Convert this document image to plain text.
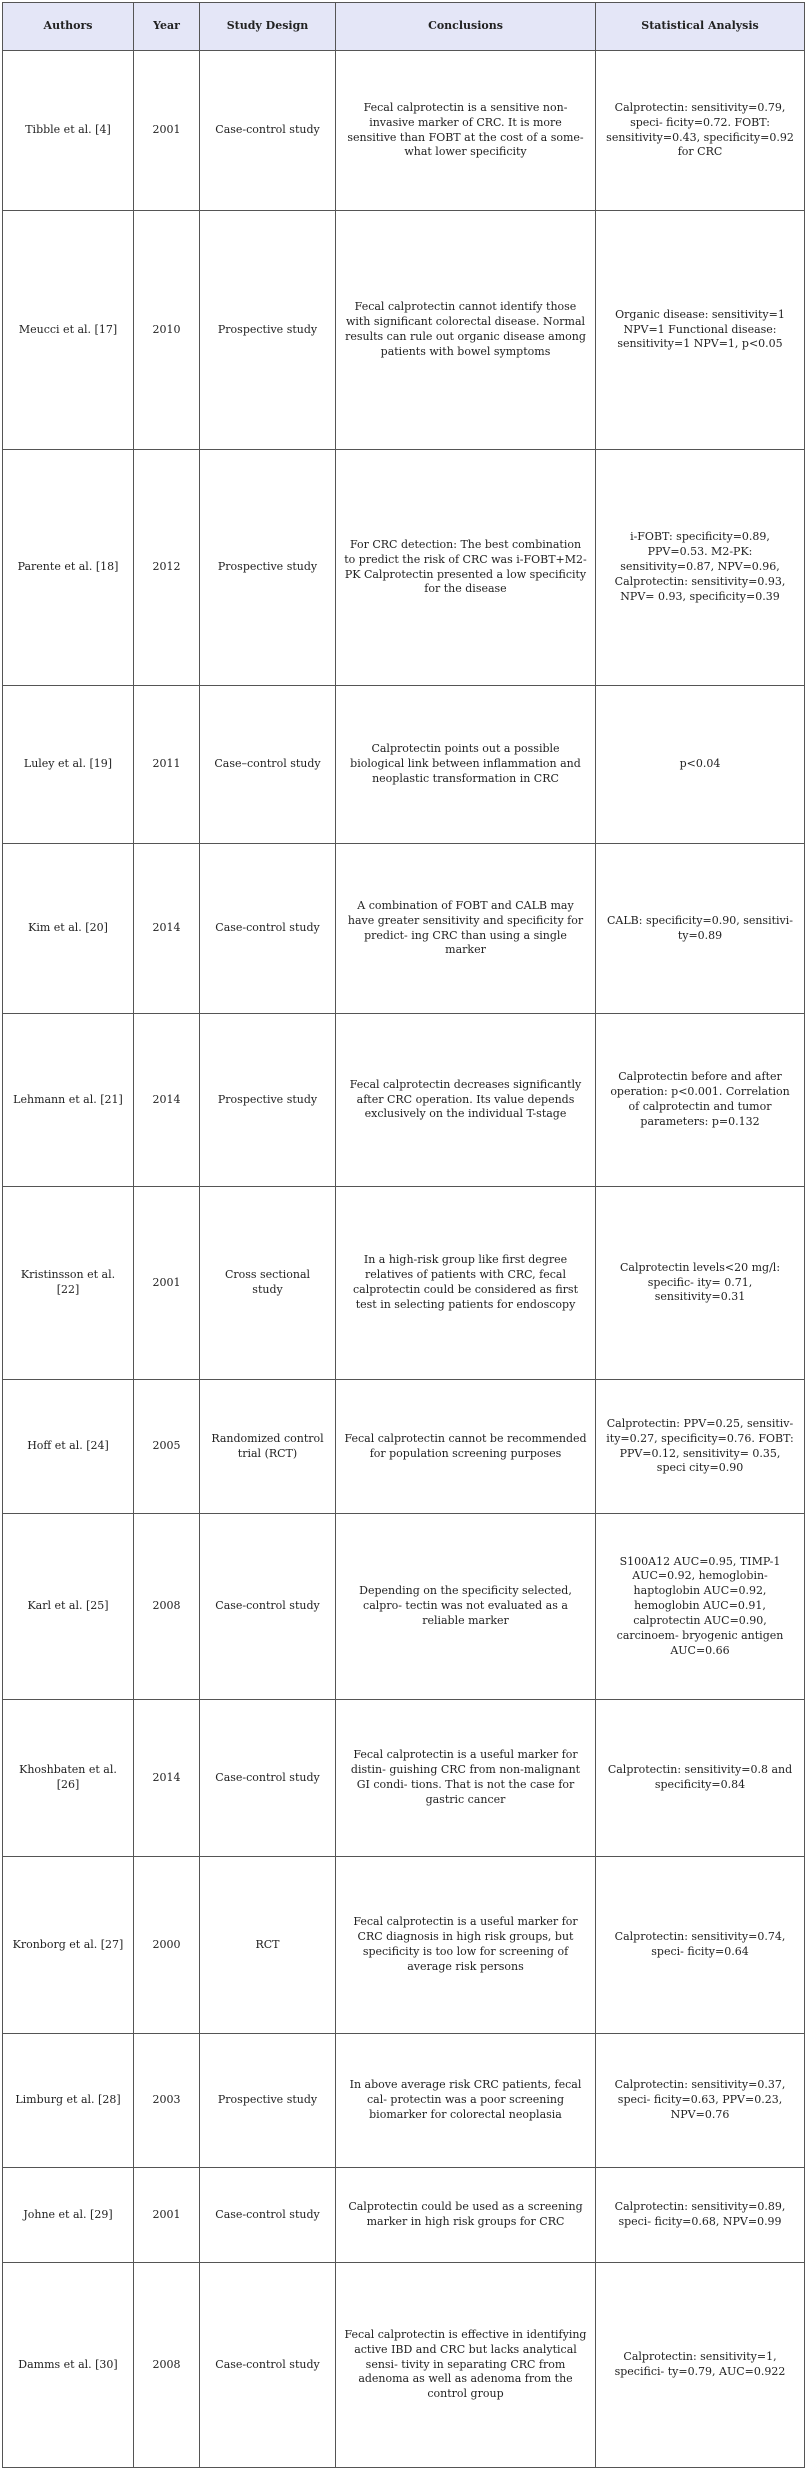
Authors	Year	Study Design	Conclusions	Statistical Analysis
Tibble et al. [4]	2001	Case-control study	Fecal calprotectin is a sensitive non-invasive marker of CRC. It is more sensitive than FOBT at the cost of a some- what lower specificity	Calprotectin: sensitivity=0.79, speci- ficity=0.72. FOBT: sensitivity=0.43, specificity=0.92 for CRC
Meucci et al. [17]	2010	Prospective study	Fecal calprotectin cannot identify those with significant colorectal disease. Normal results can rule out organic disease among patients with bowel symptoms	Organic disease: sensitivity=1 NPV=1 Functional disease: sensitivity=1 NPV=1, p<0.05
Parente et al. [18]	2012	Prospective study	For CRC detection: The best combination to predict the risk of CRC was i-FOBT+M2-PK Calprotectin presented a low specificity for the disease	i-FOBT: specificity=0.89, PPV=0.53. M2-PK: sensitivity=0.87, NPV=0.96, Calprotectin: sensitivity=0.93, NPV= 0.93, specificity=0.39
Luley et al. [19]	2011	Case–control study	Calprotectin points out a possible biological link between inflammation and neoplastic transformation in CRC	p<0.04
Kim et al. [20]	2014	Case-control study	A combination of FOBT and CALB may have greater sensitivity and specificity for predict- ing CRC than using a single marker	CALB: specificity=0.90, sensitivi- ty=0.89
Lehmann et al. [21]	2014	Prospective study	Fecal calprotectin decreases significantly after CRC operation. Its value depends exclusively on the individual T-stage	Calprotectin before and after operation: p<0.001. Correlation of calprotectin and tumor parameters: p=0.132
Kristinsson et al. [22]	2001	Cross sectional study	In a high-risk group like first degree relatives of patients with CRC, fecal calprotectin could be considered as first test in selecting patients for endoscopy	Calprotectin levels<20 mg/l: specific- ity= 0.71, sensitivity=0.31
Hoff et al. [24]	2005	Randomized control trial (RCT)	Fecal calprotectin cannot be recommended for population screening purposes	Calprotectin: PPV=0.25, sensitiv- ity=0.27, specificity=0.76. FOBT: PPV=0.12, sensitivity= 0.35, speci city=0.90
Karl et al. [25]	2008	Case-control study	Depending on the specificity selected, calpro- tectin was not evaluated as a reliable marker	S100A12 AUC=0.95, TIMP-1 AUC=0.92, hemoglobin-haptoglobin AUC=0.92, hemoglobin AUC=0.91, calprotectin AUC=0.90, carcinoem- bryogenic antigen AUC=0.66
Khoshbaten et al. [26]	2014	Case-control study	Fecal calprotectin is a useful marker for distin- guishing CRC from non-malignant GI condi- tions. That is not the case for gastric cancer	Calprotectin: sensitivity=0.8 and specificity=0.84
Kronborg et al. [27]	2000	RCT	Fecal calprotectin is a useful marker for CRC diagnosis in high risk groups, but specificity is too low for screening of average risk persons	Calprotectin: sensitivity=0.74, speci- ficity=0.64
Limburg et al. [28]	2003	Prospective study	In above average risk CRC patients, fecal cal- protectin was a poor screening biomarker for colorectal neoplasia	Calprotectin: sensitivity=0.37, speci- ficity=0.63, PPV=0.23, NPV=0.76
Johne et al. [29]	2001	Case-control study	Calprotectin could be used as a screening marker in high risk groups for CRC	Calprotectin: sensitivity=0.89, speci- ficity=0.68, NPV=0.99
Damms et al. [30]	2008	Case-control study	Fecal calprotectin is effective in identifying active IBD and CRC but lacks analytical sensi- tivity in separating CRC from adenoma as well as adenoma from the control group	Calprotectin: sensitivity=1, specifici- ty=0.79, AUC=0.922
